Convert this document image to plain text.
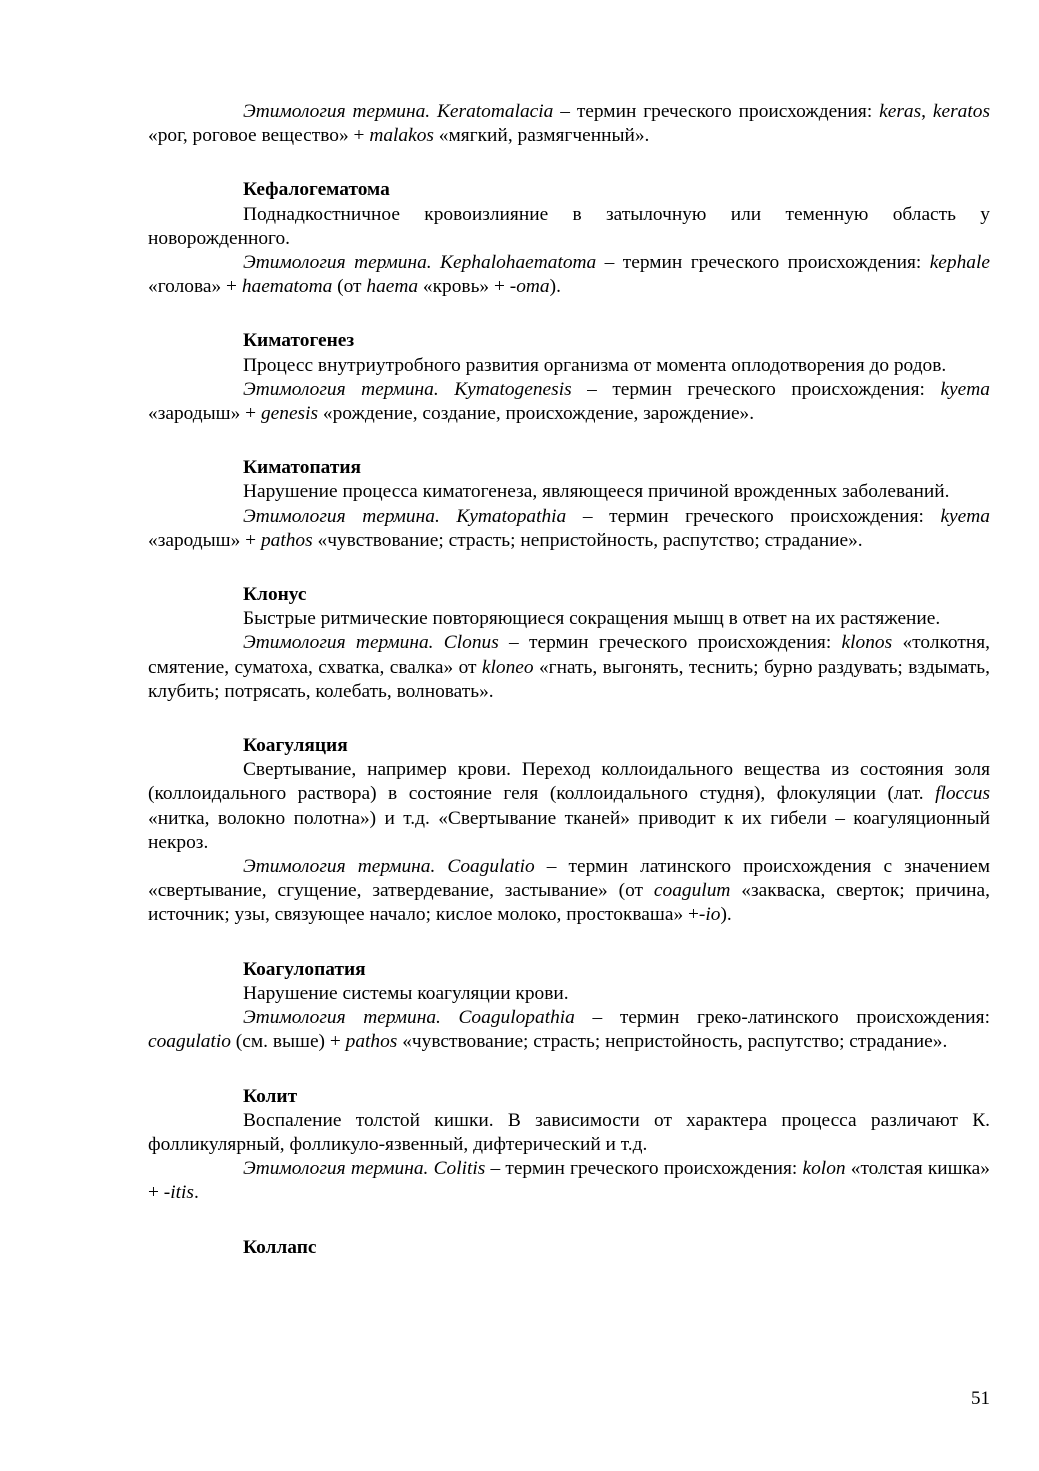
Этимология термина. Keratomalacia – термин греческого происхождения: keras, keratos «рог, роговое вещество» + malakos «мягкий, размягченный».

Кефалогематома

Поднадкостничное кровоизлияние в затылочную или теменную область у новорожденного.

Этимология термина. Kephalohaematoma – термин греческого происхождения: kephale «голова» + haematoma (от haema «кровь» + -oma).

Киматогенез

Процесс внутриутробного развития организма от момента оплодотворения до родов.

Этимология термина. Kymatogenesis – термин греческого происхождения: kyema «зародыш» + genesis «рождение, создание, происхождение, зарождение».

Киматопатия

Нарушение процесса киматогенеза, являющееся причиной врожденных заболеваний.

Этимология термина. Kymatopathia – термин греческого происхождения: kyema «зародыш» + pathos «чувствование; страсть; непристойность, распутство; страдание».

Клонус

Быстрые ритмические повторяющиеся сокращения мышц в ответ на их растяжение.

Этимология термина. Clonus – термин греческого происхождения: klonos «толкотня, смятение, суматоха, схватка, свалка» от kloneo «гнать, выгонять, теснить; бурно раздувать; вздымать, клубить; потрясать, колебать, волновать».

Коагуляция

Свертывание, например крови. Переход коллоидального вещества из состояния золя (коллоидального раствора) в состояние геля (коллоидального студня), флокуляции (лат. floccus «нитка, волокно полотна») и т.д. «Свертывание тканей» приводит к их гибели – коагуляционный некроз.

Этимология термина. Coagulatio – термин латинского происхождения с значением «свертывание, сгущение, затвердевание, застывание» (от coagulum «закваска, сверток; причина, источник; узы, связующее начало; кислое молоко, простокваша» +-io).

Коагулопатия

Нарушение системы коагуляции крови.

Этимология термина. Coagulopathia – термин греко-латинского происхождения: coagulatio (см. выше) + pathos «чувствование; страсть; непристойность, распутство; страдание».

Колит

Воспаление толстой кишки. В зависимости от характера процесса различают К. фолликулярный, фолликуло-язвенный, дифтерический и т.д.

Этимология термина. Colitis – термин греческого происхождения: kolon «толстая кишка» + -itis.

Коллапс
51
